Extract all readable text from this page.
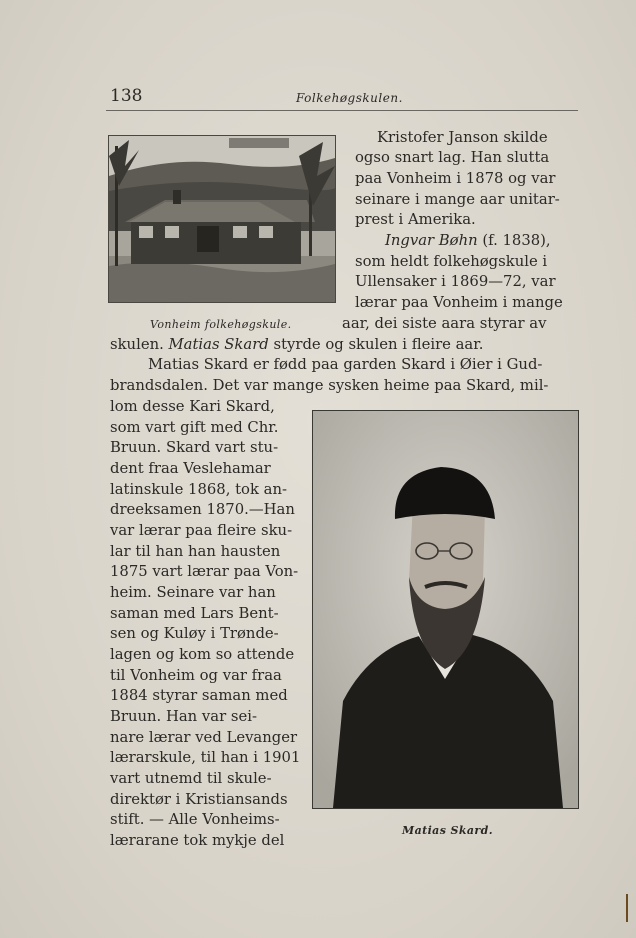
138	Folkehøgskulen.
Vonheim folkehøgskule.
Kristofer Janson skilde
ogso snart lag. Han slutta
paa Vonheim i 1878 og var
seinare i mange aar unitar-
prest i Amerika.
Ingvar Bøhn (f. 1838),
som heldt folkehøgskule i
Ullensaker i 1869—72, var
lærar paa Vonheim i mange
aar, dei siste aara styrar av
skulen. Matias Skard styrde og skulen i fleire aar.
Matias Skard er fødd paa garden Skard i Øier i Gud-
brandsdalen. Det var mange sysken heime paa Skard, mil-
lom desse Kari Skard,
som vart gift med Chr.
Bruun. Skard vart stu-
dent fraa Veslehamar
latinskule 1868, tok an-
dreeksamen 1870.—Han
var lærar paa fleire sku-
lar til han han hausten
1875 vart lærar paa Von-
heim. Seinare var han
saman med Lars Bent-
sen og Kuløy i Trønde-
lagen og kom so attende
til Vonheim og var fraa
1884 styrar saman med
Bruun. Han var sei-
nare lærar ved Levanger
lærarskule, til han i 1901
vart utnemd til skule-
direktør i Kristiansands
stift. — Alle Vonheims-
lærarane tok mykje del
Matias Skard.
